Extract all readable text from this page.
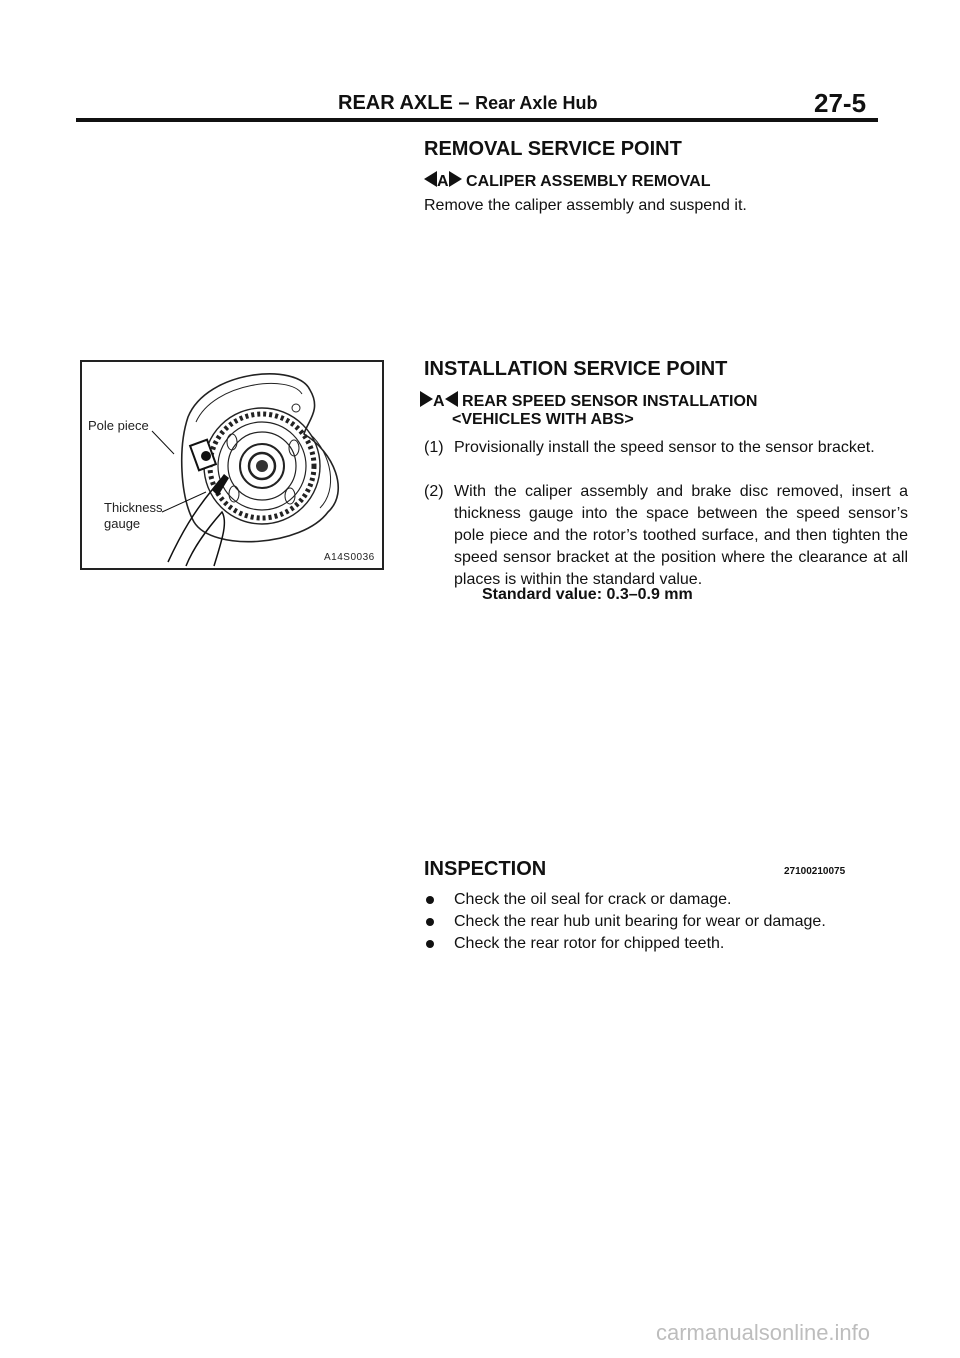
REAR AXLE – Rear Axle Hub	27-5
REMOVAL SERVICE POINT
A CALIPER ASSEMBLY REMOVAL
Remove the caliper assembly and suspend it.
Pole piece
Thickness
gauge
A14S0036
INSTALLATION SERVICE POINT
A REAR SPEED SENSOR INSTALLATION
<VEHICLES WITH ABS>
(1) Provisionally install the speed sensor to the sensor bracket.
(2) With the caliper assembly and brake disc removed, insert a thickness gauge into the space between the speed sensor’s pole piece and the rotor’s toothed surface, and then tighten the speed sensor bracket at the position where the clearance at all places is within the standard value.
Standard value: 0.3–0.9 mm
INSPECTION	27100210075
Check the oil seal for crack or damage.
Check the rear hub unit bearing for wear or damage.
Check the rear rotor for chipped teeth.
carmanualsonline.info
